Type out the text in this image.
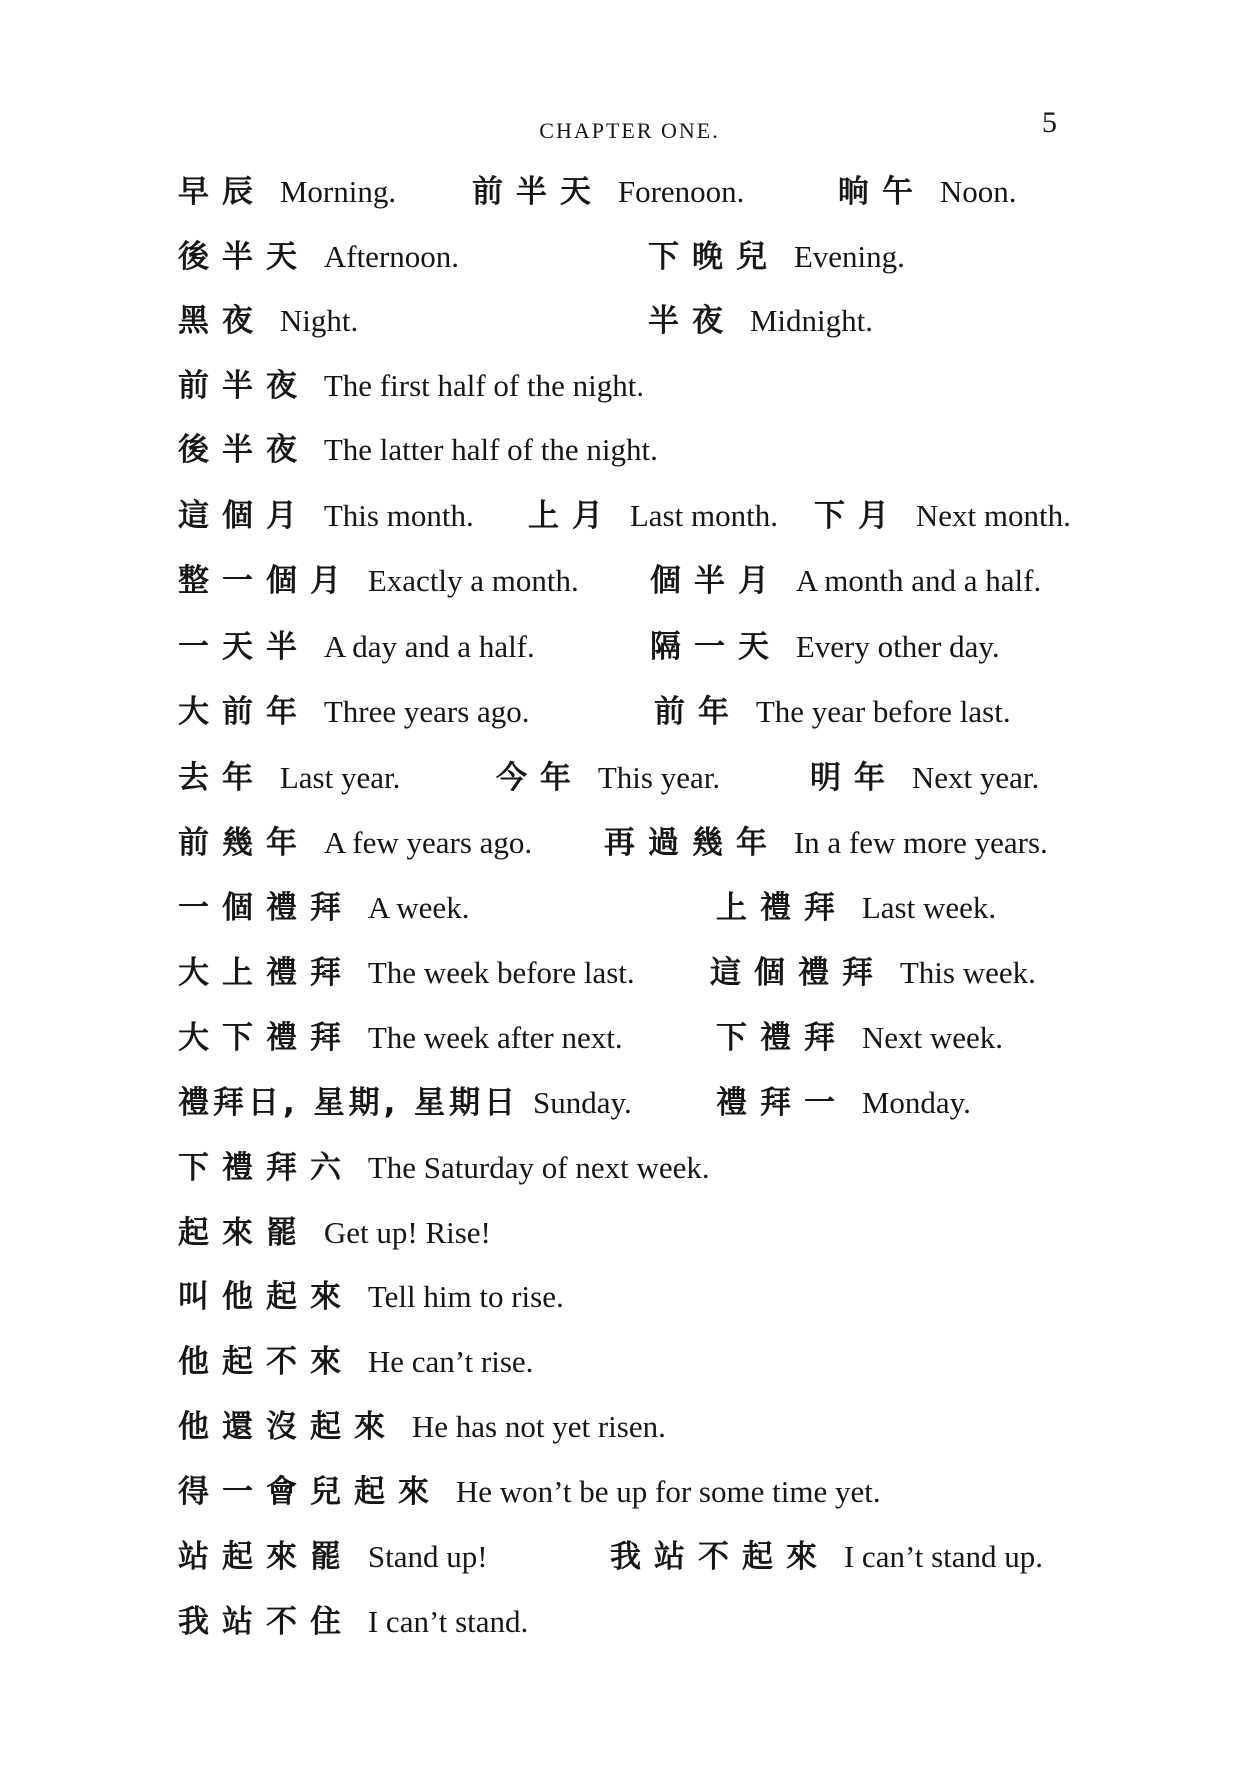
CHAPTER ONE.	5
早辰 Morning. 前半天 Forenoon.	晌午 Noon.
後半天 Afternoon.	下晚兒 Evening.
黑夜 Night.	半夜 Midnight.
前半夜 The first half of the night.
後半夜 The latter half of the night.
這個月 This month. 上月 Last month. 下月 Next month.
整一個月 Exactly a month. 個半月 A month and a half.
一天半 A day and a half.	隔一天 Every other day.
大前年 Three years ago.	前年 The year before last.
去年 Last year.	今年 This year.	明年 Next year.
前幾年 A few years ago. 再過幾年 In a few more years.
一個禮拜 A week.	上禮拜 Last week.
大上禮拜 The week before last. 這個禮拜 This week.
大下禮拜 The week after next.	下禮拜 Next week.
禮拜日, 星期, 星期日 Sunday.	禮拜一 Monday.
下禮拜六 The Saturday of next week.
起來罷 Get up! Rise!
叫他起來 Tell him to rise.
他起不來 He can’t rise.
他還沒起來 He has not yet risen.
得一會兒起來 He won’t be up for some time yet.
站起來罷 Stand up!	我站不起來 I can’t stand up.
我站不住 I can’t stand.
